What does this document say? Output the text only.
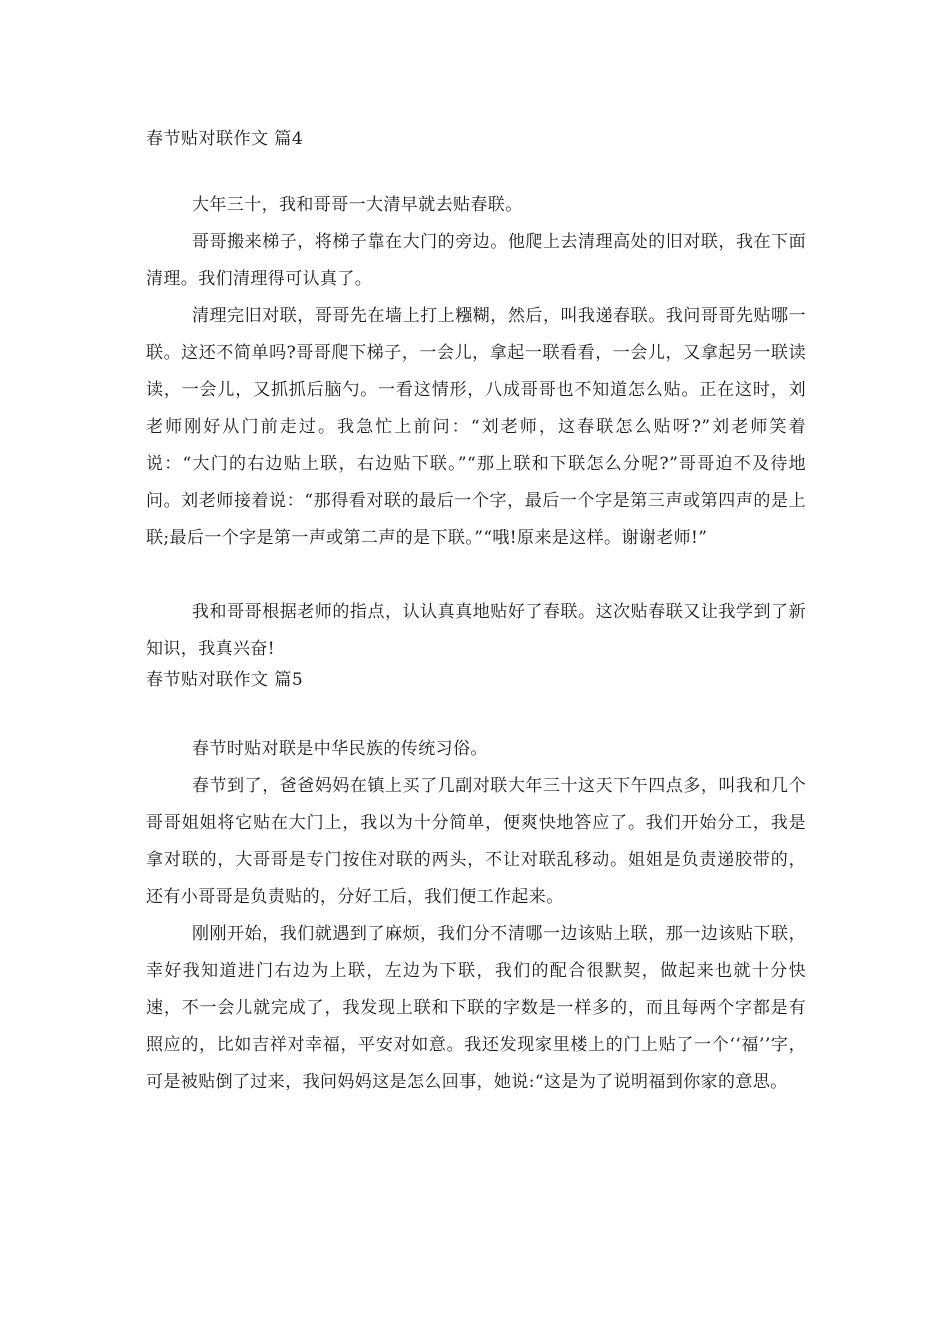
春节贴对联作文 篇4

大年三十，我和哥哥一大清早就去贴春联。

哥哥搬来梯子，将梯子靠在大门的旁边。他爬上去清理高处的旧对联，我在下面清理。我们清理得可认真了。

清理完旧对联，哥哥先在墙上打上糨糊，然后，叫我递春联。我问哥哥先贴哪一联。这还不简单吗?哥哥爬下梯子，一会儿，拿起一联看看，一会儿，又拿起另一联读读，一会儿，又抓抓后脑勺。一看这情形，八成哥哥也不知道怎么贴。正在这时，刘老师刚好从门前走过。我急忙上前问：“刘老师，这春联怎么贴呀?”刘老师笑着说：“大门的右边贴上联，右边贴下联。”“那上联和下联怎么分呢?”哥哥迫不及待地问。刘老师接着说：“那得看对联的最后一个字，最后一个字是第三声或第四声的是上联;最后一个字是第一声或第二声的是下联。”“哦!原来是这样。谢谢老师!”

我和哥哥根据老师的指点，认认真真地贴好了春联。这次贴春联又让我学到了新知识，我真兴奋!

春节贴对联作文 篇5

春节时贴对联是中华民族的传统习俗。

春节到了，爸爸妈妈在镇上买了几副对联大年三十这天下午四点多，叫我和几个哥哥姐姐将它贴在大门上，我以为十分简单，便爽快地答应了。我们开始分工，我是拿对联的，大哥哥是专门按住对联的两头，不让对联乱移动。姐姐是负责递胶带的，还有小哥哥是负责贴的，分好工后，我们便工作起来。

刚刚开始，我们就遇到了麻烦，我们分不清哪一边该贴上联，那一边该贴下联，幸好我知道进门右边为上联，左边为下联，我们的配合很默契，做起来也就十分快速，不一会儿就完成了，我发现上联和下联的字数是一样多的，而且每两个字都是有照应的，比如吉祥对幸福，平安对如意。我还发现家里楼上的门上贴了一个‘‘福’’字，可是被贴倒了过来，我问妈妈这是怎么回事，她说:“这是为了说明福到你家的意思。
